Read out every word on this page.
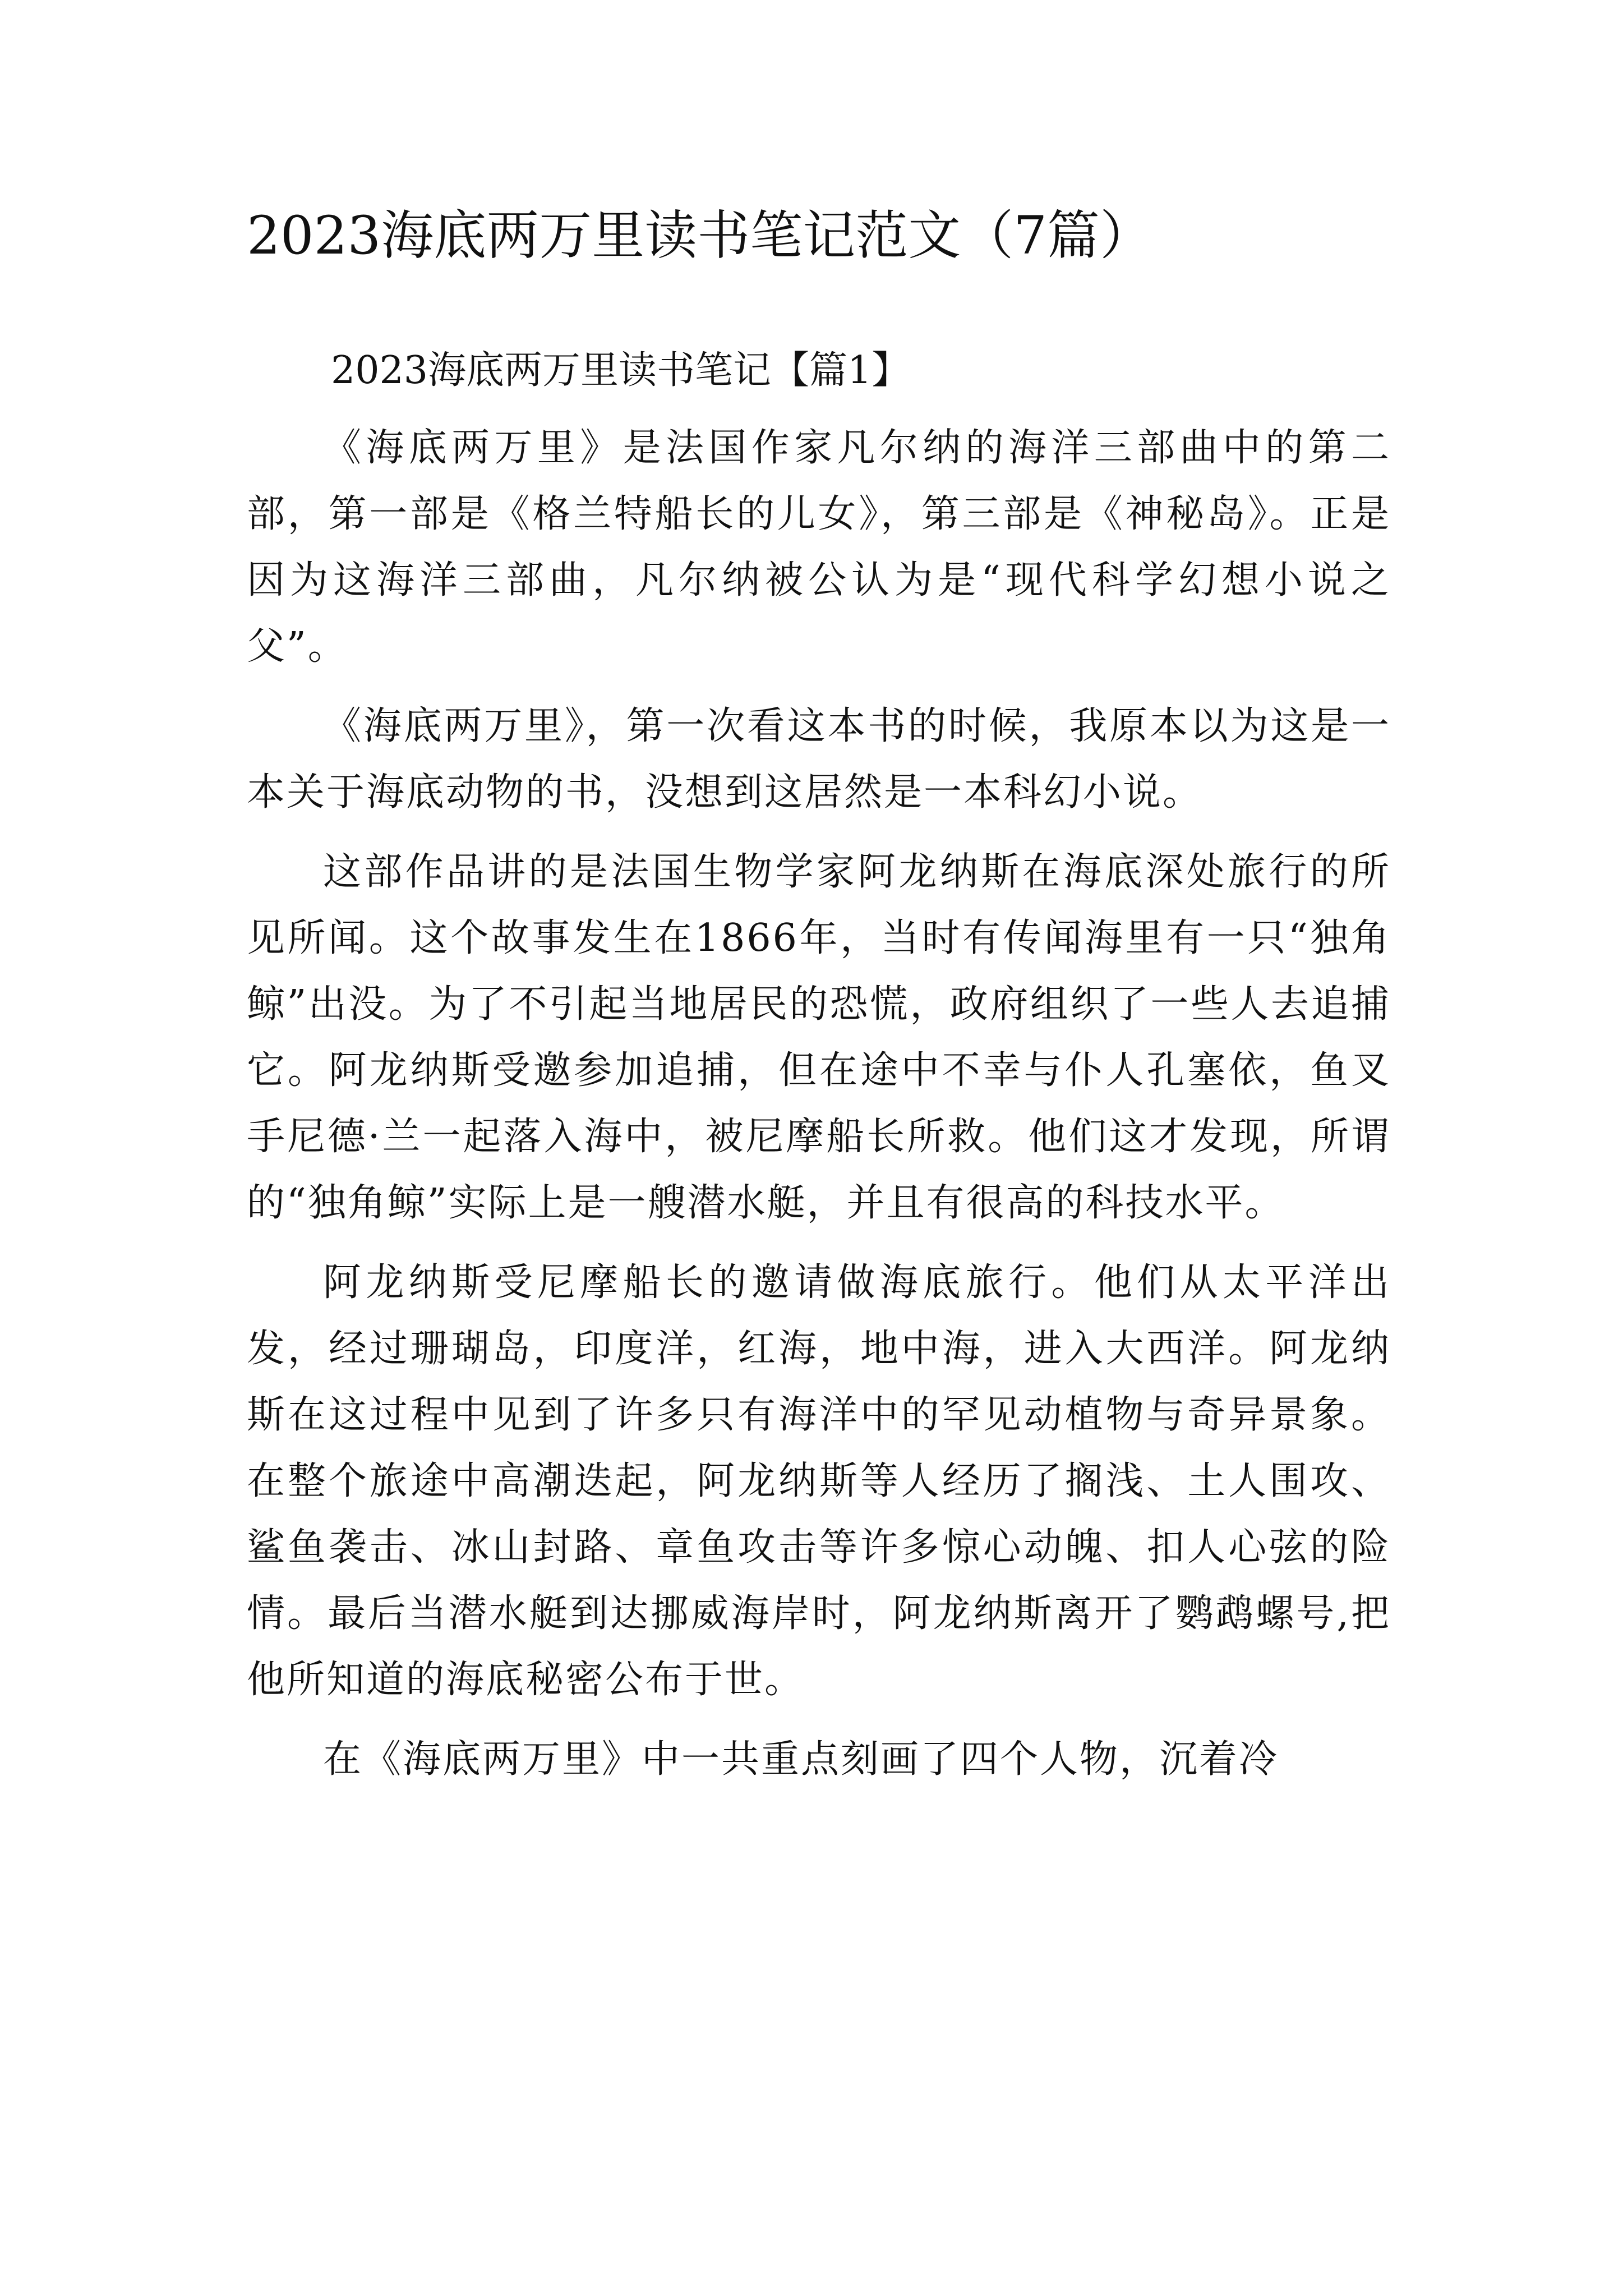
2023海底两万里读书笔记范文（7篇）
2023海底两万里读书笔记【篇1】

《海底两万里》是法国作家凡尔纳的海洋三部曲中的第二部，第一部是《格兰特船长的儿女》，第三部是《神秘岛》。正是因为这海洋三部曲，凡尔纳被公认为是“现代科学幻想小说之父”。

《海底两万里》，第一次看这本书的时候，我原本以为这是一本关于海底动物的书，没想到这居然是一本科幻小说。

这部作品讲的是法国生物学家阿龙纳斯在海底深处旅行的所见所闻。这个故事发生在1866年，当时有传闻海里有一只“独角鲸”出没。为了不引起当地居民的恐慌，政府组织了一些人去追捕它。阿龙纳斯受邀参加追捕，但在途中不幸与仆人孔塞依，鱼叉手尼德·兰一起落入海中，被尼摩船长所救。他们这才发现，所谓的“独角鲸”实际上是一艘潜水艇，并且有很高的科技水平。

阿龙纳斯受尼摩船长的邀请做海底旅行。他们从太平洋出发，经过珊瑚岛，印度洋，红海，地中海，进入大西洋。阿龙纳斯在这过程中见到了许多只有海洋中的罕见动植物与奇异景象。在整个旅途中高潮迭起，阿龙纳斯等人经历了搁浅、土人围攻、鲨鱼袭击、冰山封路、章鱼攻击等许多惊心动魄、扣人心弦的险情。最后当潜水艇到达挪威海岸时，阿龙纳斯离开了鹦鹉螺号,把他所知道的海底秘密公布于世。

在《海底两万里》中一共重点刻画了四个人物，沉着冷
